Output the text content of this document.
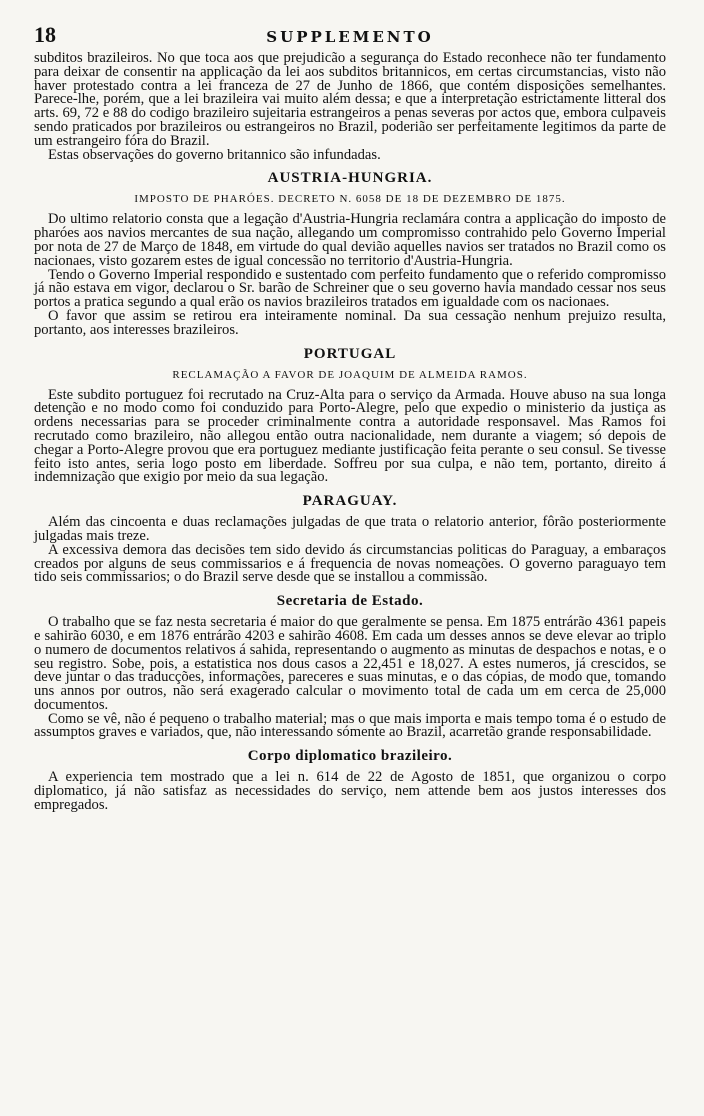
18	SUPPLEMENTO

subditos brazileiros. No que toca aos que prejudicão a segurança do Estado reconhece não ter fundamento para deixar de consentir na applicação da lei aos subditos britannicos, em certas circumstancias, visto não haver protestado contra a lei franceza de 27 de Junho de 1866, que contém disposições semelhantes. Parece-lhe, porém, que a lei brazileira vai muito além dessa; e que a interpretação estrictamente litteral dos arts. 69, 72 e 88 do codigo brazileiro sujeitaria estrangeiros a penas severas por actos que, embora culpaveis sendo praticados por brazileiros ou estrangeiros no Brazil, poderião ser perfeitamente legitimos da parte de um estrangeiro fóra do Brazil.

Estas observações do governo britannico são infundadas.

AUSTRIA-HUNGRIA.
IMPOSTO DE PHARÓES. DECRETO N. 6058 DE 18 DE DEZEMBRO DE 1875.

Do ultimo relatorio consta que a legação d'Austria-Hungria reclamára contra a applicação do imposto de pharóes aos navios mercantes de sua nação, allegando um compromisso contrahido pelo Governo Imperial por nota de 27 de Março de 1848, em virtude do qual devião aquelles navios ser tratados no Brazil como os nacionaes, visto gozarem estes de igual concessão no territorio d'Austria-Hungria.

Tendo o Governo Imperial respondido e sustentado com perfeito fundamento que o referido compromisso já não estava em vigor, declarou o Sr. barão de Schreiner que o seu governo havia mandado cessar nos seus portos a pratica segundo a qual erão os navios brazileiros tratados em igualdade com os nacionaes.

O favor que assim se retirou era inteiramente nominal. Da sua cessação nenhum prejuizo resulta, portanto, aos interesses brazileiros.

PORTUGAL
RECLAMAÇÃO A FAVOR DE JOAQUIM DE ALMEIDA RAMOS.

Este subdito portuguez foi recrutado na Cruz-Alta para o serviço da Armada. Houve abuso na sua longa detenção e no modo como foi conduzido para Porto-Alegre, pelo que expedio o ministerio da justiça as ordens necessarias para se proceder criminalmente contra a autoridade responsavel. Mas Ramos foi recrutado como brazileiro, não allegou então outra nacionalidade, nem durante a viagem; só depois de chegar a Porto-Alegre provou que era portuguez mediante justificação feita perante o seu consul. Se tivesse feito isto antes, seria logo posto em liberdade. Soffreu por sua culpa, e não tem, portanto, direito á indemnização que exigio por meio da sua legação.

PARAGUAY.

Além das cincoenta e duas reclamações julgadas de que trata o relatorio anterior, fôrão posteriormente julgadas mais treze.

A excessiva demora das decisões tem sido devido ás circumstancias politicas do Paraguay, a embaraços creados por alguns de seus commissarios e á frequencia de novas nomeações. O governo paraguayo tem tido seis commissarios; o do Brazil serve desde que se installou a commissão.

Secretaria de Estado.

O trabalho que se faz nesta secretaria é maior do que geralmente se pensa. Em 1875 entrárão 4361 papeis e sahirão 6030, e em 1876 entrárão 4203 e sahirão 4608. Em cada um desses annos se deve elevar ao triplo o numero de documentos relativos á sahida, representando o augmento as minutas de despachos e notas, e o seu registro. Sobe, pois, a estatistica nos dous casos a 22,451 e 18,027. A estes numeros, já crescidos, se deve juntar o das traducções, informações, pareceres e suas minutas, e o das cópias, de modo que, tomando uns annos por outros, não será exagerado calcular o movimento total de cada um em cerca de 25,000 documentos.

Como se vê, não é pequeno o trabalho material; mas o que mais importa e mais tempo toma é o estudo de assumptos graves e variados, que, não interessando sómente ao Brazil, acarretão grande responsabilidade.

Corpo diplomatico brazileiro.

A experiencia tem mostrado que a lei n. 614 de 22 de Agosto de 1851, que organizou o corpo diplomatico, já não satisfaz as necessidades do serviço, nem attende bem aos justos interesses dos empregados.
